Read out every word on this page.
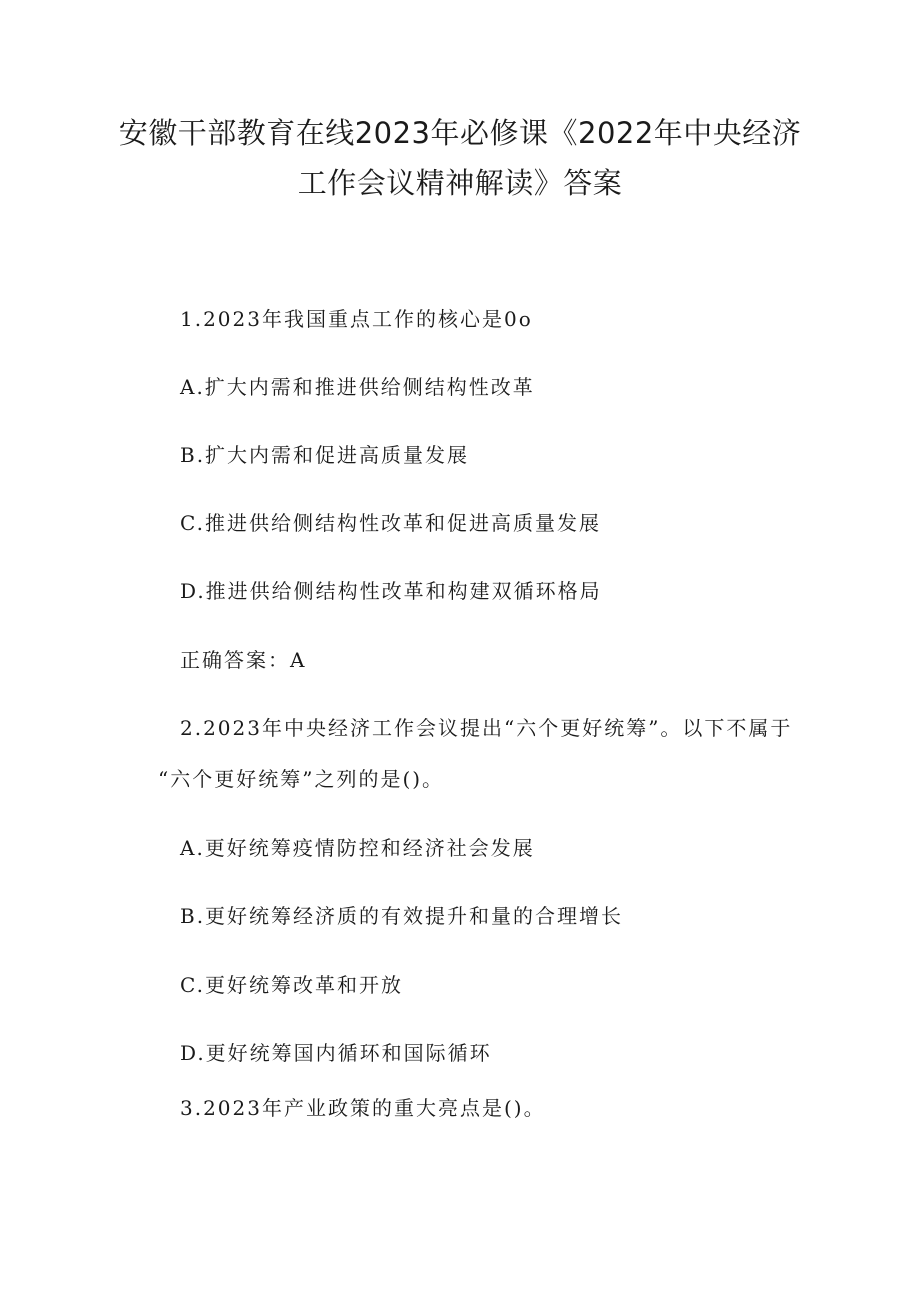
安徽干部教育在线2023年必修课《2022年中央经济
工作会议精神解读》答案
1.2023年我国重点工作的核心是0o
A.扩大内需和推进供给侧结构性改革
B.扩大内需和促进高质量发展
C.推进供给侧结构性改革和促进高质量发展
D.推进供给侧结构性改革和构建双循环格局
正确答案：A
2.2023年中央经济工作会议提出“六个更好统筹”。以下不属于
“六个更好统筹”之列的是()。
A.更好统筹疫情防控和经济社会发展
B.更好统筹经济质的有效提升和量的合理增长
C.更好统筹改革和开放
D.更好统筹国内循环和国际循环
3.2023年产业政策的重大亮点是()。
